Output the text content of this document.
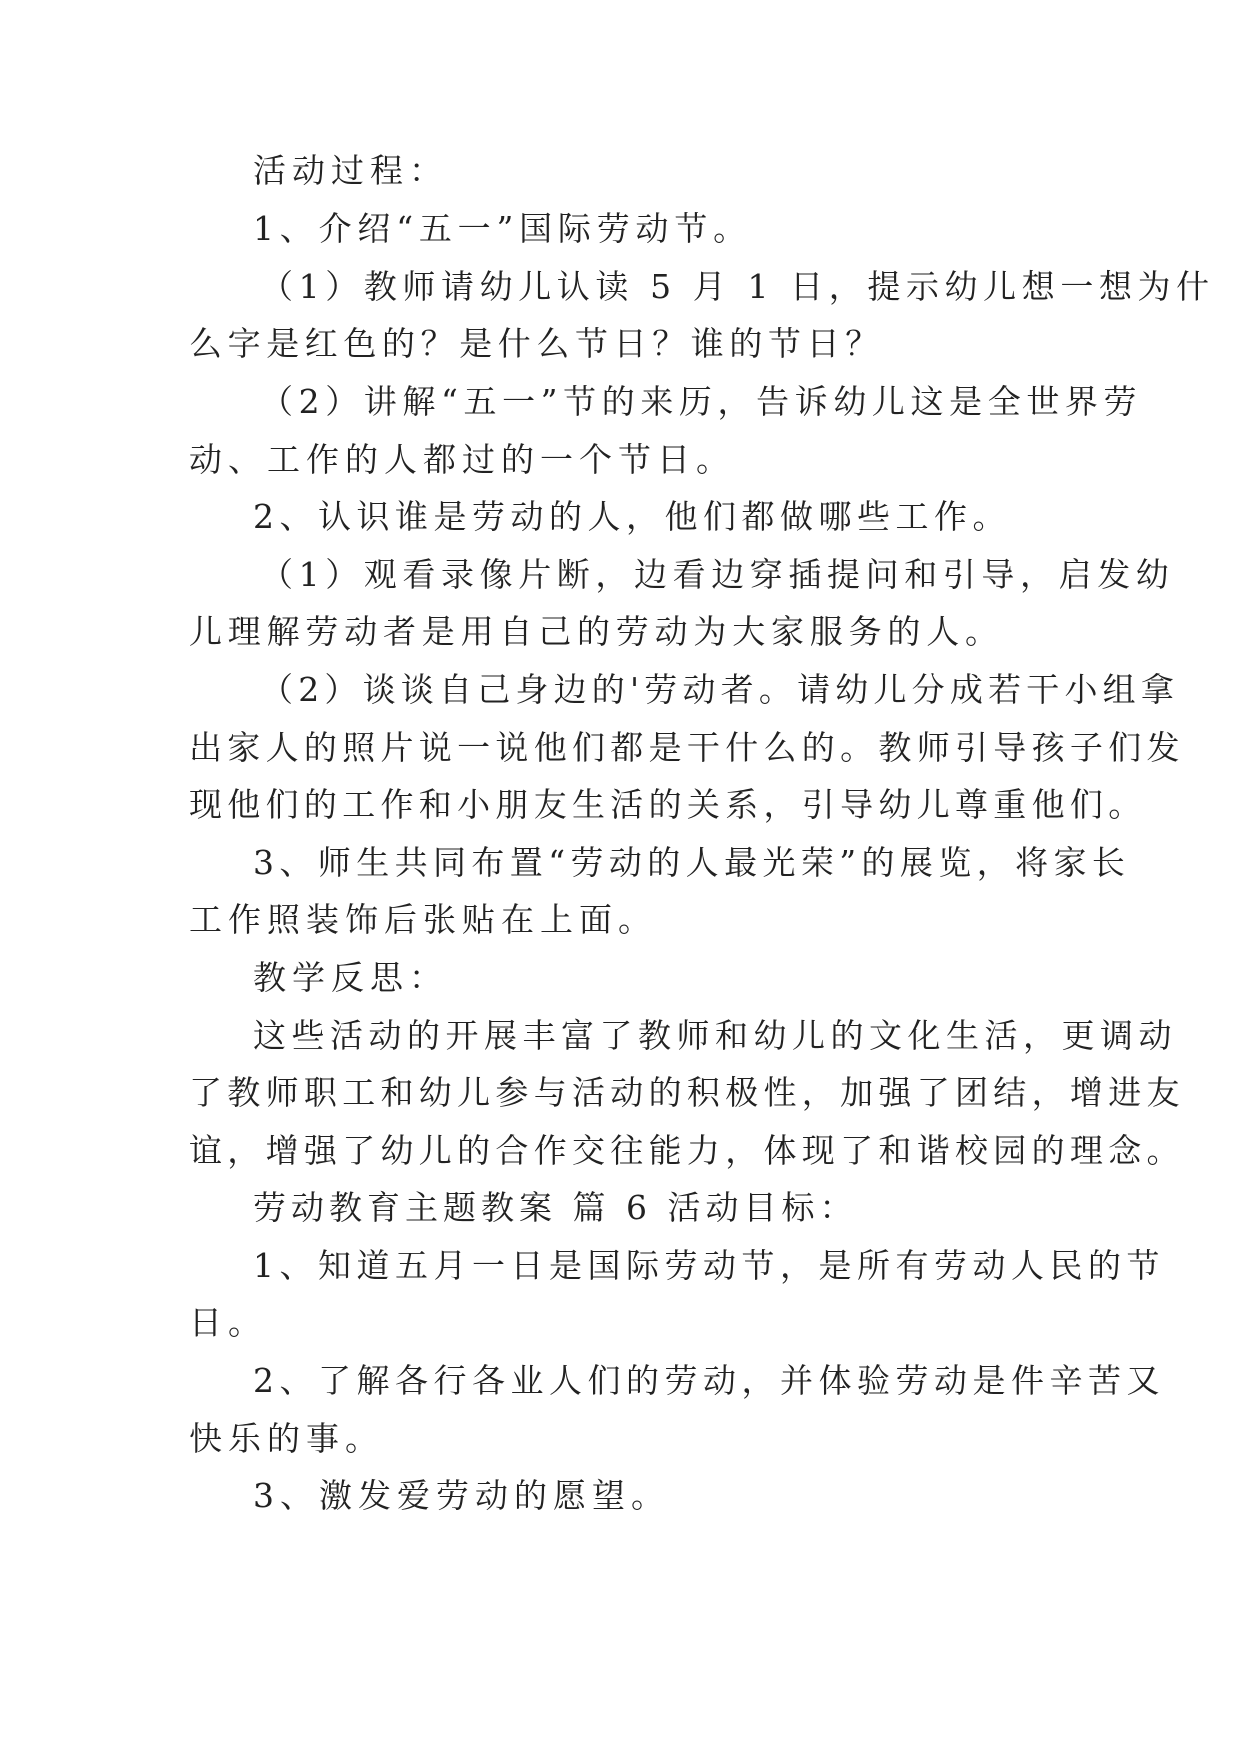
活动过程：
1、介绍“五一”国际劳动节。
（1）教师请幼儿认读 5 月 1 日，提示幼儿想一想为什
么字是红色的？是什么节日？谁的节日？
（2）讲解“五一”节的来历，告诉幼儿这是全世界劳
动、工作的人都过的一个节日。
2、认识谁是劳动的人，他们都做哪些工作。
（1）观看录像片断，边看边穿插提问和引导，启发幼
儿理解劳动者是用自己的劳动为大家服务的人。
（2）谈谈自己身边的'劳动者。请幼儿分成若干小组拿
出家人的照片说一说他们都是干什么的。教师引导孩子们发
现他们的工作和小朋友生活的关系，引导幼儿尊重他们。
3、师生共同布置“劳动的人最光荣”的展览，将家长
工作照装饰后张贴在上面。
教学反思：
这些活动的开展丰富了教师和幼儿的文化生活，更调动
了教师职工和幼儿参与活动的积极性，加强了团结，增进友
谊，增强了幼儿的合作交往能力，体现了和谐校园的理念。
劳动教育主题教案 篇 6 活动目标：
1、知道五月一日是国际劳动节，是所有劳动人民的节
日。
2、了解各行各业人们的劳动，并体验劳动是件辛苦又
快乐的事。
3、激发爱劳动的愿望。
